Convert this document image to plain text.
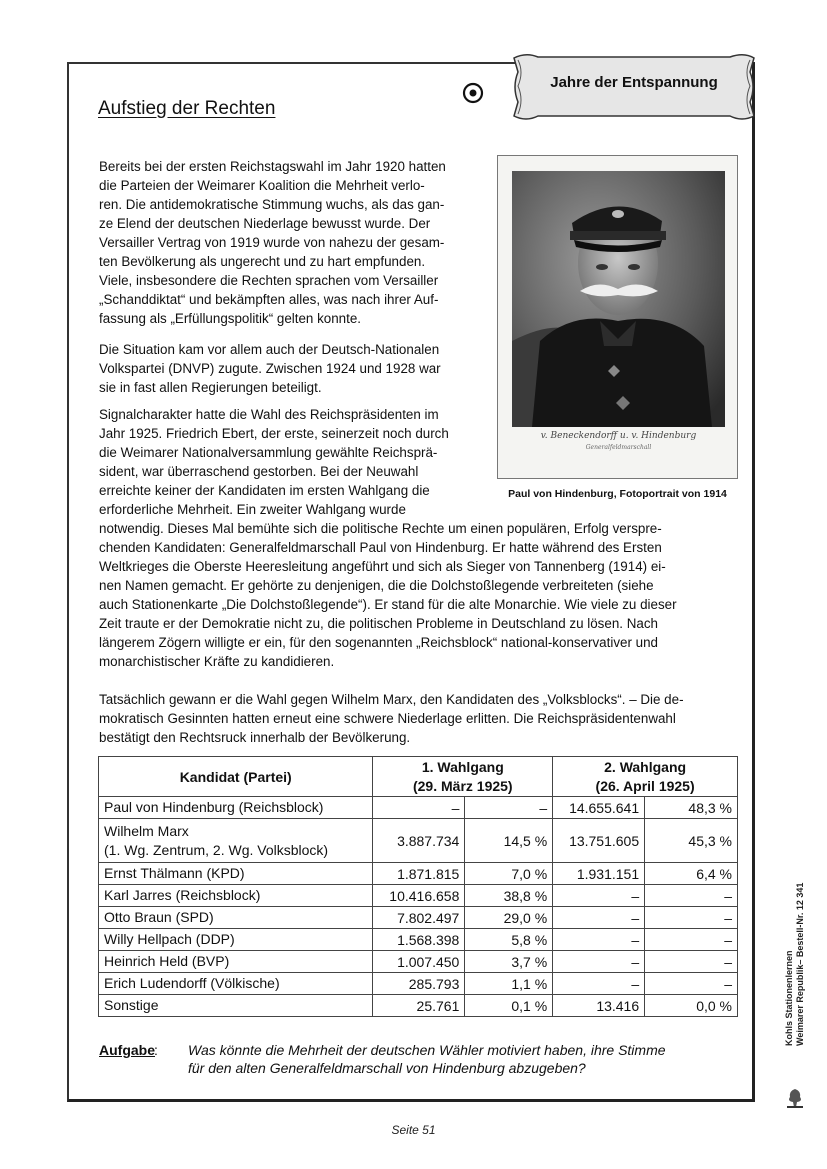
Aufstieg der Rechten
Jahre der Entspannung
v. Beneckendorff u. v. Hindenburg
Generalfeldmarschall
Paul von Hindenburg, Fotoportrait von 1914
Bereits bei der ersten Reichstagswahl im Jahr 1920 hatten
die Parteien der Weimarer Koalition die Mehrheit verlo-
ren. Die antidemokratische Stimmung wuchs, als das gan-
ze Elend der deutschen Niederlage bewusst wurde. Der
Versailler Vertrag von 1919 wurde von nahezu der gesam-
ten Bevölkerung als ungerecht und zu hart empfunden.
Viele, insbesondere die Rechten sprachen vom Versailler
„Schanddiktat“ und bekämpften alles, was nach ihrer Auf-
fassung als „Erfüllungspolitik“ gelten konnte.
Die Situation kam vor allem auch der Deutsch-Nationalen
Volkspartei (DNVP) zugute. Zwischen 1924 und 1928 war
sie in fast allen Regierungen beteiligt.
Signalcharakter hatte die Wahl des Reichspräsidenten im
Jahr 1925. Friedrich Ebert, der erste, seinerzeit noch durch
die Weimarer Nationalversammlung gewählte Reichsprä-
sident, war überraschend gestorben. Bei der Neuwahl
erreichte keiner der Kandidaten im ersten Wahlgang die
erforderliche Mehrheit. Ein zweiter Wahlgang wurde
notwendig. Dieses Mal bemühte sich die politische Rechte um einen populären, Erfolg verspre-
chenden Kandidaten: Generalfeldmarschall Paul von Hindenburg. Er hatte während des Ersten
Weltkrieges die Oberste Heeresleitung angeführt und sich als Sieger von Tannenberg (1914) ei-
nen Namen gemacht. Er gehörte zu denjenigen, die die Dolchstoßlegende verbreiteten (siehe
auch Stationenkarte „Die Dolchstoßlegende“). Er stand für die alte Monarchie. Wie viele zu dieser
Zeit traute er der Demokratie nicht zu, die politischen Probleme in Deutschland zu lösen. Nach
längerem Zögern willigte er ein, für den sogenannten „Reichsblock“ national-konservativer und
monarchistischer Kräfte zu kandidieren.
Tatsächlich gewann er die Wahl gegen Wilhelm Marx, den Kandidaten des „Volksblocks“. – Die de-
mokratisch Gesinnten hatten erneut eine schwere Niederlage erlitten. Die Reichspräsidentenwahl
bestätigt den Rechtsruck innerhalb der Bevölkerung.
Kandidat (Partei)	1. Wahlgang
(29. März 1925)		2. Wahlgang
(26. April 1925)	
Paul von Hindenburg (Reichsblock)	–	–	14.655.641	48,3 %
Wilhelm Marx
(1. Wg. Zentrum, 2. Wg. Volksblock)	3.887.734	14,5 %	13.751.605	45,3 %
Ernst Thälmann (KPD)	1.871.815	7,0 %	1.931.151	6,4 %
Karl Jarres (Reichsblock)	10.416.658	38,8 %	–	–
Otto Braun (SPD)	7.802.497	29,0 %	–	–
Willy Hellpach (DDP)	1.568.398	5,8 %	–	–
Heinrich Held (BVP)	1.007.450	3,7 %	–	–
Erich Ludendorff (Völkische)	285.793	1,1 %	–	–
Sonstige	25.761	0,1 %	13.416	0,0 %
Aufgabe : Was könnte die Mehrheit der deutschen Wähler motiviert haben, ihre Stimme
für den alten Generalfeldmarschall von Hindenburg abzugeben?
Seite 51
Kohls Stationenlernen Weimarer Republik– Bestell-Nr. 12 341
